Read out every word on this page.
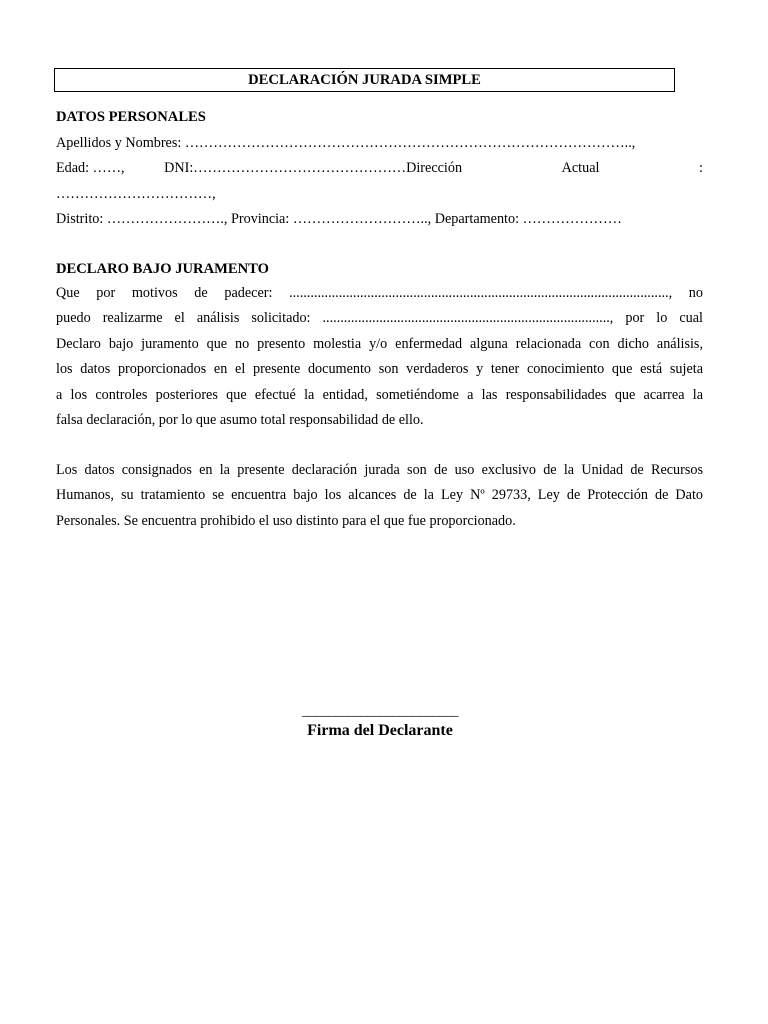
DECLARACIÓN JURADA SIMPLE
DATOS PERSONALES
Apellidos y Nombres: …………………………………………………………………………………..,
Edad: ……,	DNI:………………………………………Dirección	Actual	:
……………………………,
Distrito: ……………………., Provincia: ……………………….., Departamento: …………………
DECLARO BAJO JURAMENTO
Que por motivos de padecer: ..........................................................................................................., no
puedo realizarme el análisis solicitado: ................................................................................., por lo cual
Declaro bajo juramento que no presento molestia y/o enfermedad alguna relacionada con dicho análisis,
los datos proporcionados en el presente documento son verdaderos y tener conocimiento que está sujeta
a los controles posteriores que efectué la entidad, sometiéndome a las responsabilidades que acarrea la
falsa declaración, por lo que asumo total responsabilidad de ello.
Los datos consignados en la presente declaración jurada son de uso exclusivo de la Unidad de Recursos
Humanos, su tratamiento se encuentra bajo los alcances de la Ley Nº 29733, Ley de Protección de Dato
Personales. Se encuentra prohibido el uso distinto para el que fue proporcionado.
________________________
Firma del Declarante
